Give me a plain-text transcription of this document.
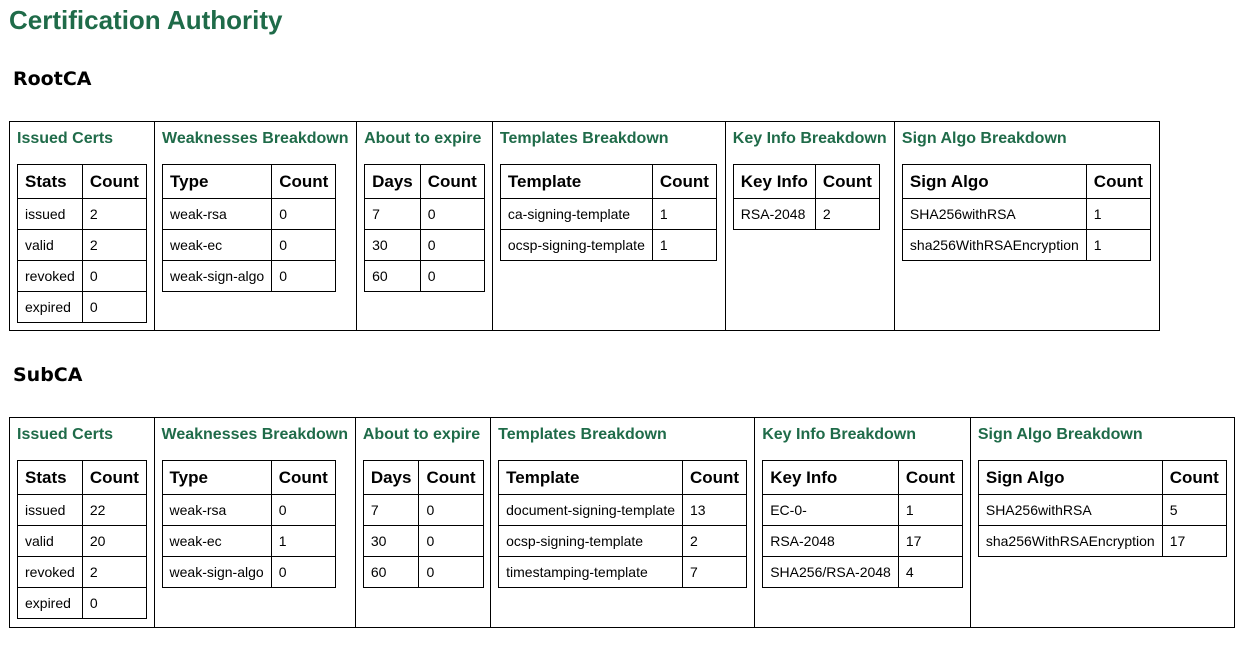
Certification Authority
RootCA
Issued Certs
Stats	Count
issued	2
valid	2
revoked	0
expired	0

Weaknesses Breakdown
Type	Count
weak-rsa	0
weak-ec	0
weak-sign-algo	0

About to expire
Days	Count
7	0
30	0
60	0

Templates Breakdown
Template	Count
ca-signing-template	1
ocsp-signing-template	1

Key Info Breakdown
Key Info	Count
RSA-2048	2

Sign Algo Breakdown
Sign Algo	Count
SHA256withRSA	1
sha256WithRSAEncryption	1
SubCA
Issued Certs
Stats	Count
issued	22
valid	20
revoked	2
expired	0

Weaknesses Breakdown
Type	Count
weak-rsa	0
weak-ec	1
weak-sign-algo	0

About to expire
Days	Count
7	0
30	0
60	0

Templates Breakdown
Template	Count
document-signing-template	13
ocsp-signing-template	2
timestamping-template	7

Key Info Breakdown
Key Info	Count
EC-0-	1
RSA-2048	17
SHA256/RSA-2048	4

Sign Algo Breakdown
Sign Algo	Count
SHA256withRSA	5
sha256WithRSAEncryption	17
